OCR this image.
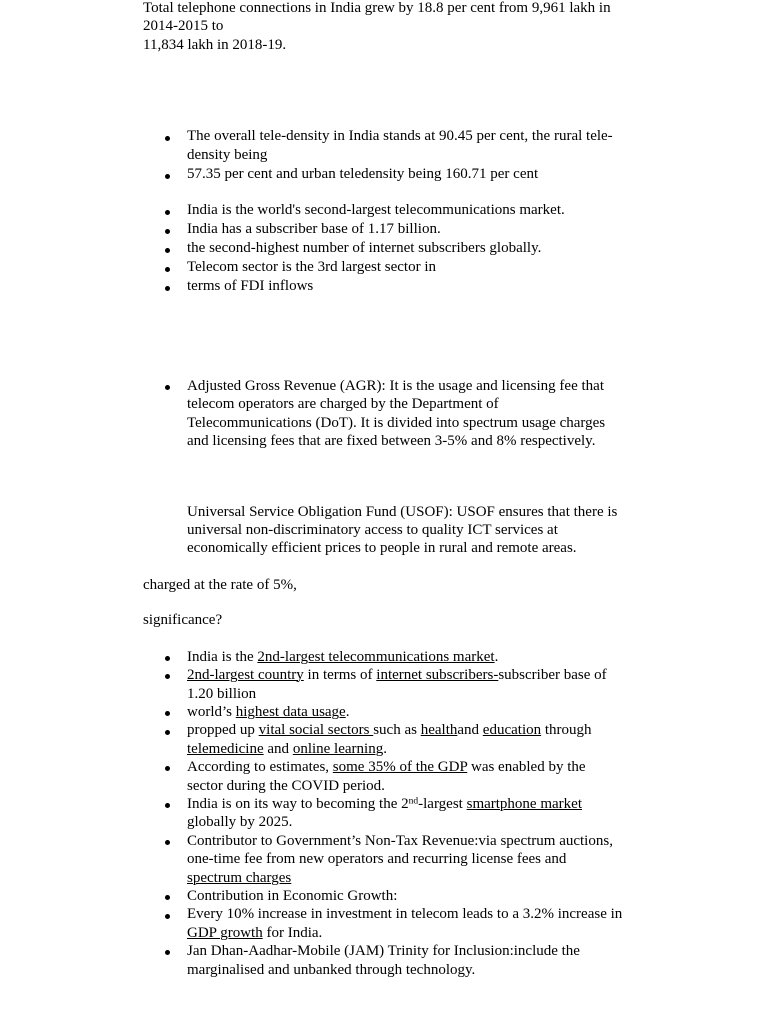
Total telephone connections in India grew by 18.8 per cent from 9,961 lakh in 2014-2015 to
11,834 lakh in 2018-19.
The overall tele-density in India stands at 90.45 per cent, the rural tele-density being
57.35 per cent and urban teledensity being 160.71 per cent
India is the world's second-largest telecommunications market.
India has a subscriber base of 1.17 billion.
the second-highest number of internet subscribers globally.
Telecom sector is the 3rd largest sector in
terms of FDI inflows
Adjusted Gross Revenue (AGR): It is the usage and licensing fee that telecom operators are charged by the Department of Telecommunications (DoT). It is divided into spectrum usage charges and licensing fees that are fixed between 3-5% and 8% respectively.
Universal Service Obligation Fund (USOF): USOF ensures that there is universal non-discriminatory access to quality ICT services at economically efficient prices to people in rural and remote areas.
charged at the rate of 5%,
significance?
India is the 2nd-largest telecommunications market.
2nd-largest country in terms of internet subscribers-subscriber base of 1.20 billion
world’s highest data usage.
propped up vital social sectors such as healthand education through telemedicine and online learning.
According to estimates, some 35% of the GDP was enabled by the sector during the COVID period.
India is on its way to becoming the 2nd-largest smartphone market globally by 2025.
Contributor to Government’s Non-Tax Revenue:via spectrum auctions, one-time fee from new operators and recurring license fees and spectrum charges
Contribution in Economic Growth:
Every 10% increase in investment in telecom leads to a 3.2% increase in GDP growth for India.
Jan Dhan-Aadhar-Mobile (JAM) Trinity for Inclusion:include the marginalised and unbanked through technology.
